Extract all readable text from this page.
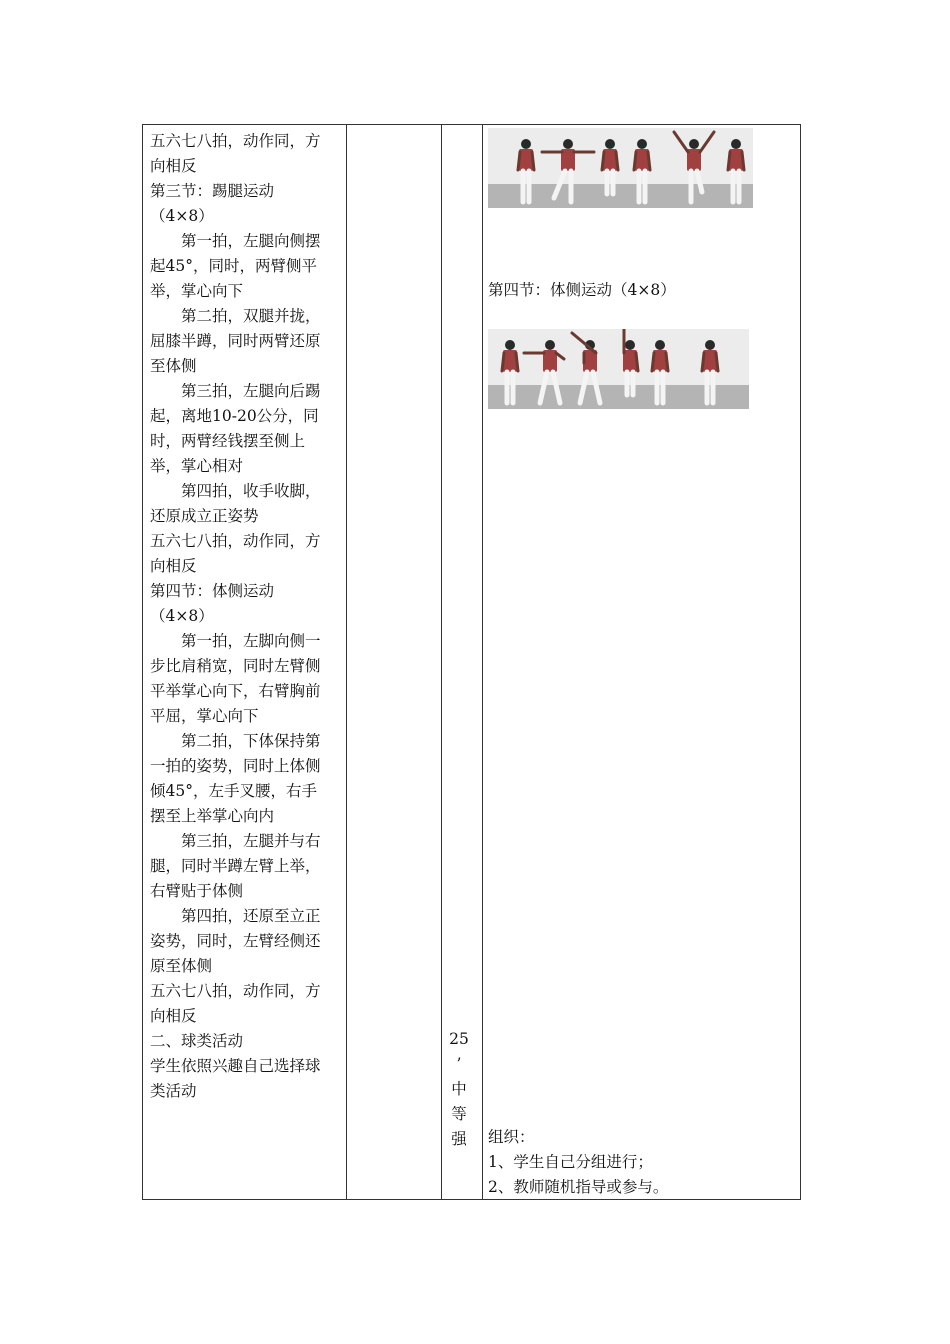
五六七八拍，动作同，方
向相反
第三节：踢腿运动
（4×8）
第一拍，左腿向侧摆
起45°，同时，两臂侧平
举，掌心向下
第二拍，双腿并拢，
屈膝半蹲，同时两臂还原
至体侧
第三拍，左腿向后踢
起，离地10-20公分，同
时，两臂经钱摆至侧上
举，掌心相对
第四拍，收手收脚，
还原成立正姿势
五六七八拍，动作同，方
向相反
第四节：体侧运动
（4×8）
第一拍，左脚向侧一
步比肩稍宽，同时左臂侧
平举掌心向下，右臂胸前
平屈，掌心向下
第二拍，下体保持第
一拍的姿势，同时上体侧
倾45°，左手叉腰，右手
摆至上举掌心向内
第三拍，左腿并与右
腿，同时半蹲左臂上举，
右臂贴于体侧
第四拍，还原至立正
姿势，同时，左臂经侧还
原至体侧
五六七八拍，动作同，方
向相反
二、球类活动
学生依照兴趣自己选择球
类活动
25
’
中
等
强
第四节：体侧运动（4×8）
组织：
1、学生自己分组进行；
2、教师随机指导或参与。
